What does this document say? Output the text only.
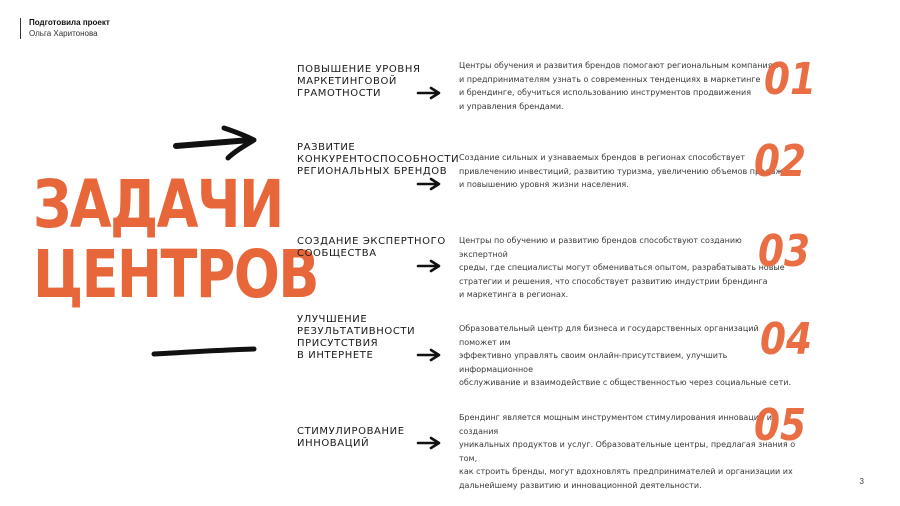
Подготовила проект
Ольга Харитонова
ЗАДАЧИ
ЦЕНТРОВ
ПОВЫШЕНИЕ УРОВНЯ
МАРКЕТИНГОВОЙ
ГРАМОТНОСТИ
Центры обучения и развития брендов помогают региональным компаниям
и предпринимателям узнать о современных тенденциях в маркетинге
и брендинге, обучиться использованию инструментов продвижения
и управления брендами.
01
РАЗВИТИЕ
КОНКУРЕНТОСПОСОБНОСТИ
РЕГИОНАЛЬНЫХ БРЕНДОВ
Создание сильных и узнаваемых брендов в регионах способствует
привлечению инвестиций, развитию туризма, увеличению объемов продаж
и повышению уровня жизни населения.	02
СОЗДАНИЕ ЭКСПЕРТНОГО
СООБЩЕСТВА
Центры по обучению и развитию брендов способствуют созданию экспертной
среды, где специалисты могут обмениваться опытом, разрабатывать новые
стратегии и решения, что способствует развитию индустрии брендинга
и маркетинга в регионах.
03
УЛУЧШЕНИЕ
РЕЗУЛЬТАТИВНОСТИ
ПРИСУТСТВИЯ
В ИНТЕРНЕТЕ
Образовательный центр для бизнеса и государственных организаций поможет им
эффективно управлять своим онлайн-присутствием, улучшить информационное
обслуживание и взаимодействие с общественностью через социальные сети.
04
СТИМУЛИРОВАНИЕ
ИННОВАЦИЙ
Брендинг является мощным инструментом стимулирования инноваций и создания
уникальных продуктов и услуг. Образовательные центры, предлагая знания о том,
как строить бренды, могут вдохновлять предпринимателей и организации их
дальнейшему развитию и инновационной деятельности.
05
3
